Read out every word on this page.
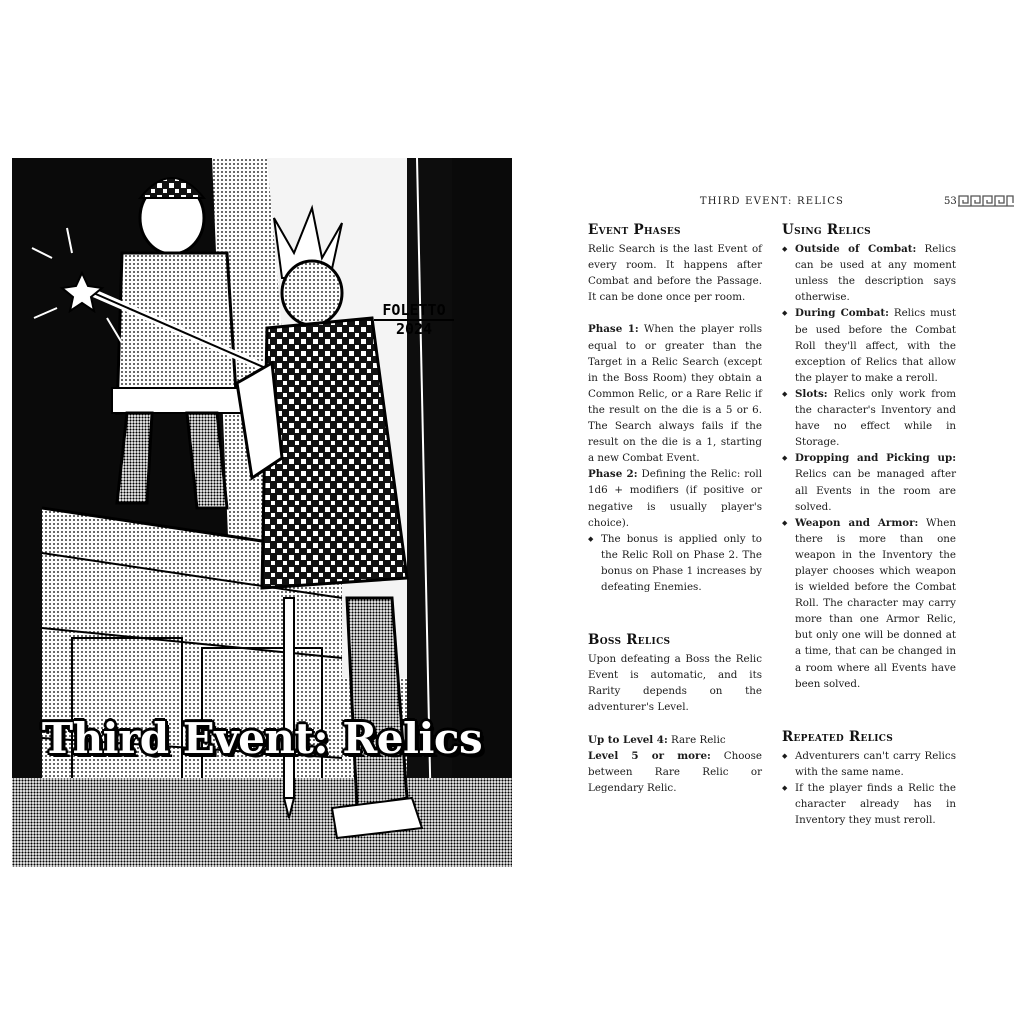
FOLETTO
2024
Third Event: Relics
THIRD EVENT: RELICS	53
Event Phases

Relic Search is the last Event of every room. It happens after Combat and before the Passage. It can be done once per room.

Phase 1: When the player rolls equal to or greater than the Target in a Relic Search (except in the Boss Room) they obtain a Common Relic, or a Rare Relic if the result on the die is a 5 or 6. The Search always fails if the result on the die is a 1, starting a new Combat Event.

Phase 2: Defining the Relic: roll 1d6 + modifiers (if positive or negative is usually player's choice).

◆ The bonus is applied only to the Relic Roll on Phase 2. The bonus on Phase 1 increases by defeating Enemies.
Boss Relics

Upon defeating a Boss the Relic Event is automatic, and its Rarity depends on the adventurer's Level.

Up to Level 4: Rare Relic

Level 5 or more: Choose between Rare Relic or Legendary Relic.

Using Relics
◆ Outside of Combat: Relics can be used at any moment unless the description says otherwise.
◆ During Combat: Relics must be used before the Combat Roll they'll affect, with the exception of Relics that allow the player to make a reroll.
◆ Slots: Relics only work from the character's Inventory and have no effect while in Storage.
◆ Dropping and Picking up: Relics can be managed after all Events in the room are solved.
◆ Weapon and Armor: When there is more than one weapon in the Inventory the player chooses which weapon is wielded before the Combat Roll. The character may carry more than one Armor Relic, but only one will be donned at a time, that can be changed in a room where all Events have been solved.
Repeated Relics
◆ Adventurers can't carry Relics with the same name.
◆ If the player finds a Relic the character already has in Inventory they must reroll.
